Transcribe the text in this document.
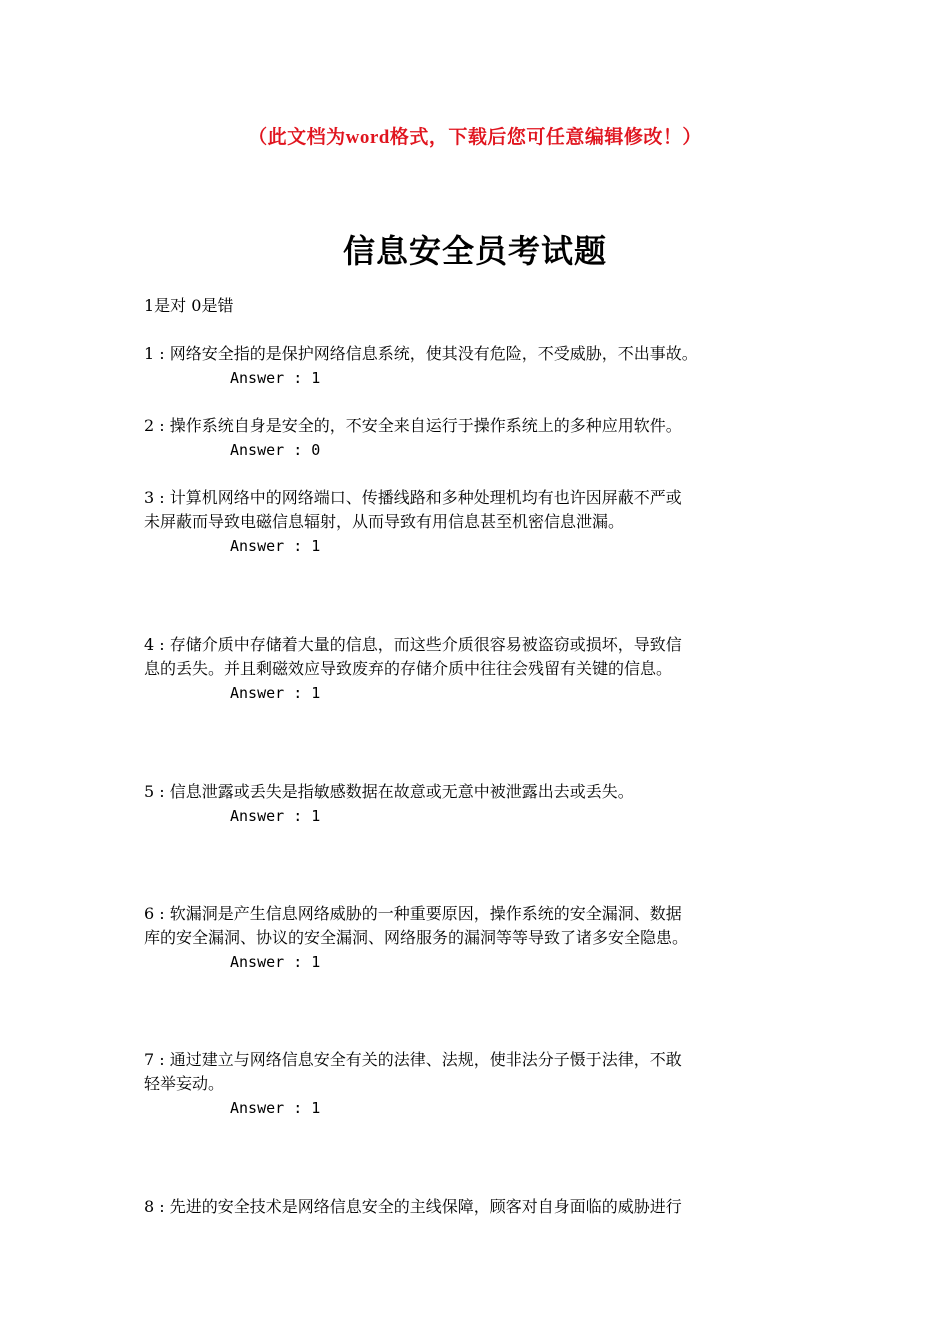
（此文档为word格式，下载后您可任意编辑修改！）
信息安全员考试题
1是对 0是错

1 : 网络安全指的是保护网络信息系统，使其没有危险，不受威胁，不出事故。

Answer : 1

2 : 操作系统自身是安全的，不安全来自运行于操作系统上的多种应用软件。

Answer : 0

3 : 计算机网络中的网络端口、传播线路和多种处理机均有也许因屏蔽不严或
未屏蔽而导致电磁信息辐射，从而导致有用信息甚至机密信息泄漏。

Answer : 1

4 : 存储介质中存储着大量的信息，而这些介质很容易被盗窃或损坏，导致信
息的丢失。并且剩磁效应导致废弃的存储介质中往往会残留有关键的信息。

Answer : 1

5 : 信息泄露或丢失是指敏感数据在故意或无意中被泄露出去或丢失。

Answer : 1

6 : 软漏洞是产生信息网络威胁的一种重要原因，操作系统的安全漏洞、数据
库的安全漏洞、协议的安全漏洞、网络服务的漏洞等等导致了诸多安全隐患。

Answer : 1

7 : 通过建立与网络信息安全有关的法律、法规，使非法分子慑于法律，不敢
轻举妄动。

Answer : 1

8 : 先进的安全技术是网络信息安全的主线保障，顾客对自身面临的威胁进行
